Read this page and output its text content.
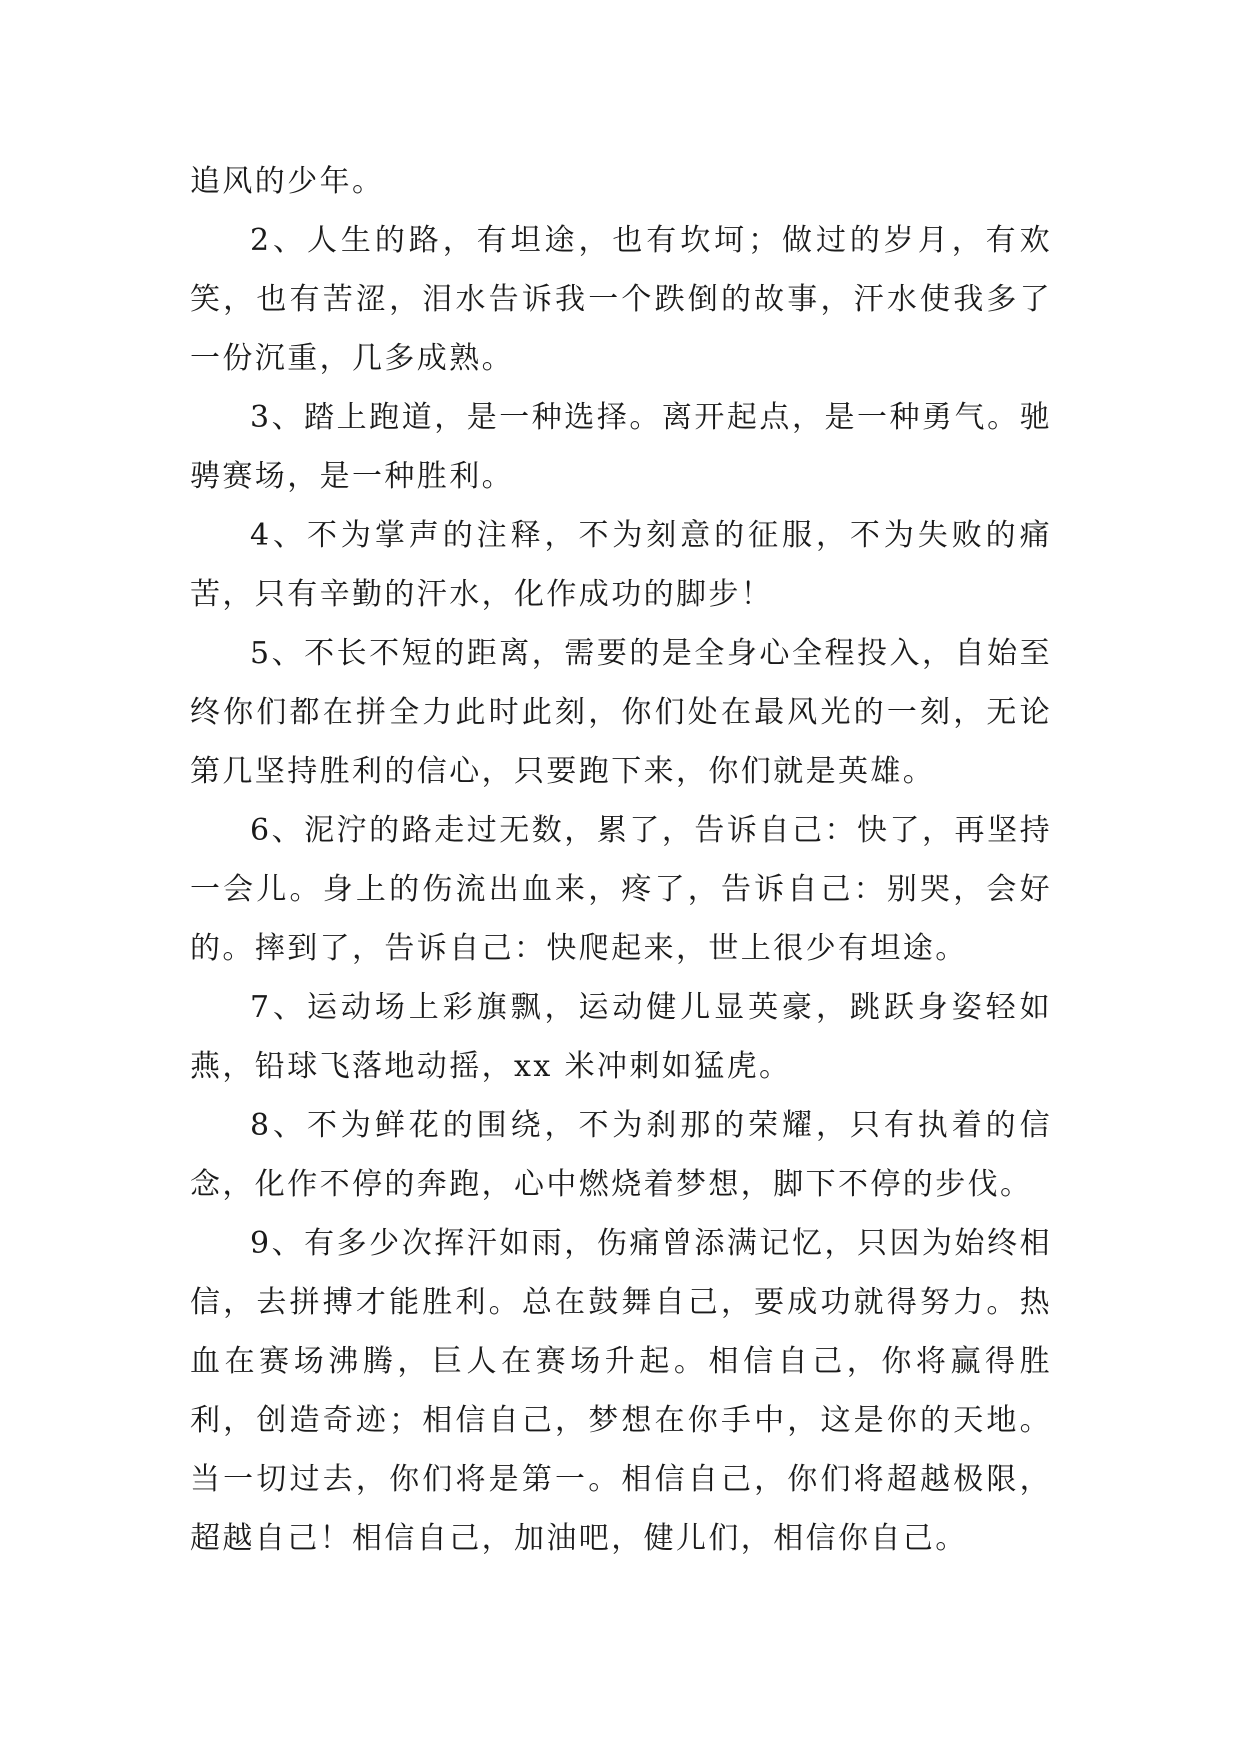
追风的少年。

2、人生的路，有坦途，也有坎坷；做过的岁月，有欢笑，也有苦涩，泪水告诉我一个跌倒的故事，汗水使我多了一份沉重，几多成熟。

3、踏上跑道，是一种选择。离开起点，是一种勇气。驰骋赛场，是一种胜利。

4、不为掌声的注释，不为刻意的征服，不为失败的痛苦，只有辛勤的汗水，化作成功的脚步！

5、不长不短的距离，需要的是全身心全程投入，自始至终你们都在拼全力此时此刻，你们处在最风光的一刻，无论第几坚持胜利的信心，只要跑下来，你们就是英雄。

6、泥泞的路走过无数，累了，告诉自己：快了，再坚持一会儿。身上的伤流出血来，疼了，告诉自己：别哭，会好的。摔到了，告诉自己：快爬起来，世上很少有坦途。

7、运动场上彩旗飘，运动健儿显英豪，跳跃身姿轻如燕，铅球飞落地动摇，xx 米冲刺如猛虎。

8、不为鲜花的围绕，不为刹那的荣耀，只有执着的信念，化作不停的奔跑，心中燃烧着梦想，脚下不停的步伐。

9、有多少次挥汗如雨，伤痛曾添满记忆，只因为始终相信，去拼搏才能胜利。总在鼓舞自己，要成功就得努力。热血在赛场沸腾，巨人在赛场升起。相信自己，你将赢得胜利，创造奇迹；相信自己，梦想在你手中，这是你的天地。当一切过去，你们将是第一。相信自己，你们将超越极限，超越自己！相信自己，加油吧，健儿们，相信你自己。
